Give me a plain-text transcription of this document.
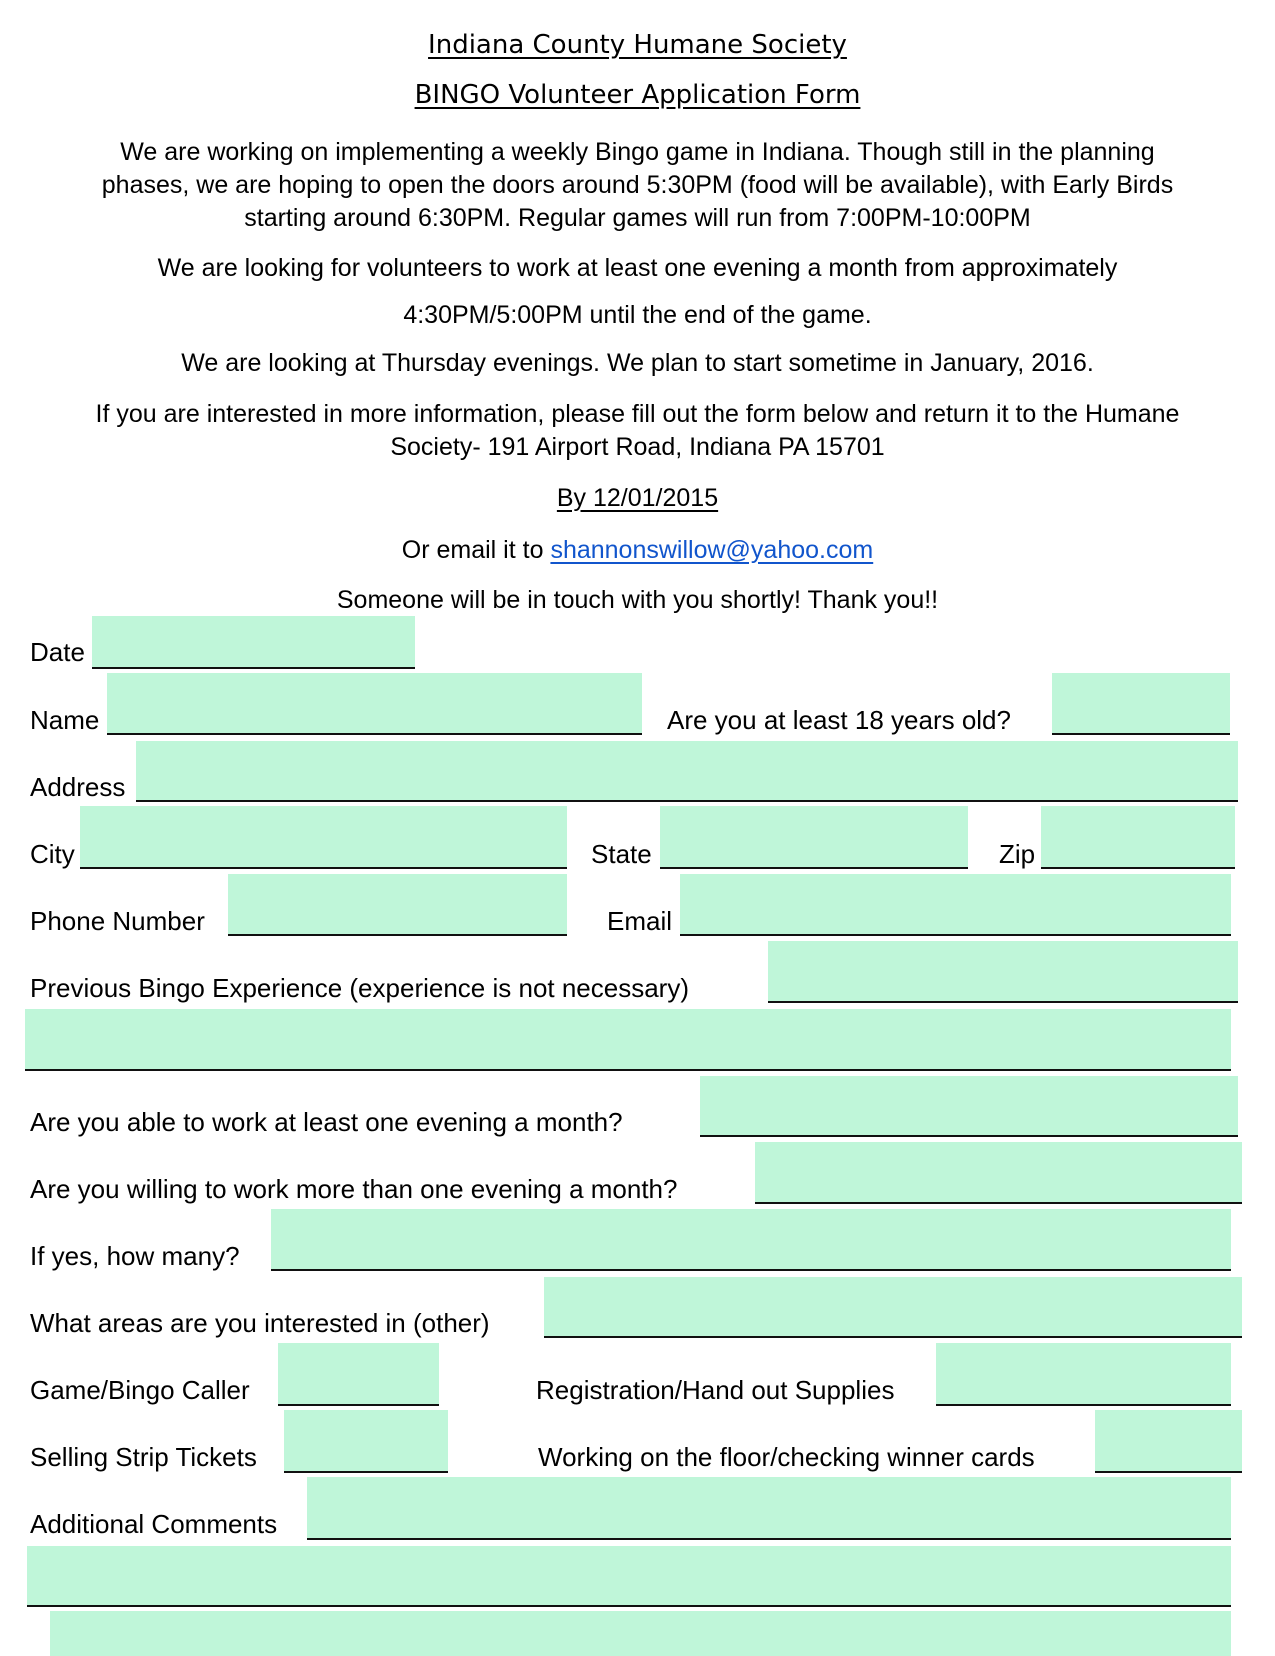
Indiana County Humane Society
BINGO Volunteer Application Form
We are working on implementing a weekly Bingo game in Indiana. Though still in the planning
phases, we are hoping to open the doors around 5:30PM (food will be available), with Early Birds
starting around 6:30PM. Regular games will run from 7:00PM-10:00PM
We are looking for volunteers to work at least one evening a month from approximately
4:30PM/5:00PM until the end of the game.
We are looking at Thursday evenings. We plan to start sometime in January, 2016.
If you are interested in more information, please fill out the form below and return it to the Humane
Society- 191 Airport Road, Indiana PA 15701
By 12/01/2015
Or email it to shannonswillow@yahoo.com
Someone will be in touch with you shortly! Thank you!!
Date
Name	Are you at least 18 years old?
Address
City	State	Zip
Phone Number	Email
Previous Bingo Experience (experience is not necessary)
Are you able to work at least one evening a month?
Are you willing to work more than one evening a month?
If yes, how many?
What areas are you interested in (other)
Game/Bingo Caller	Registration/Hand out Supplies
Selling Strip Tickets	Working on the floor/checking winner cards
Additional Comments
